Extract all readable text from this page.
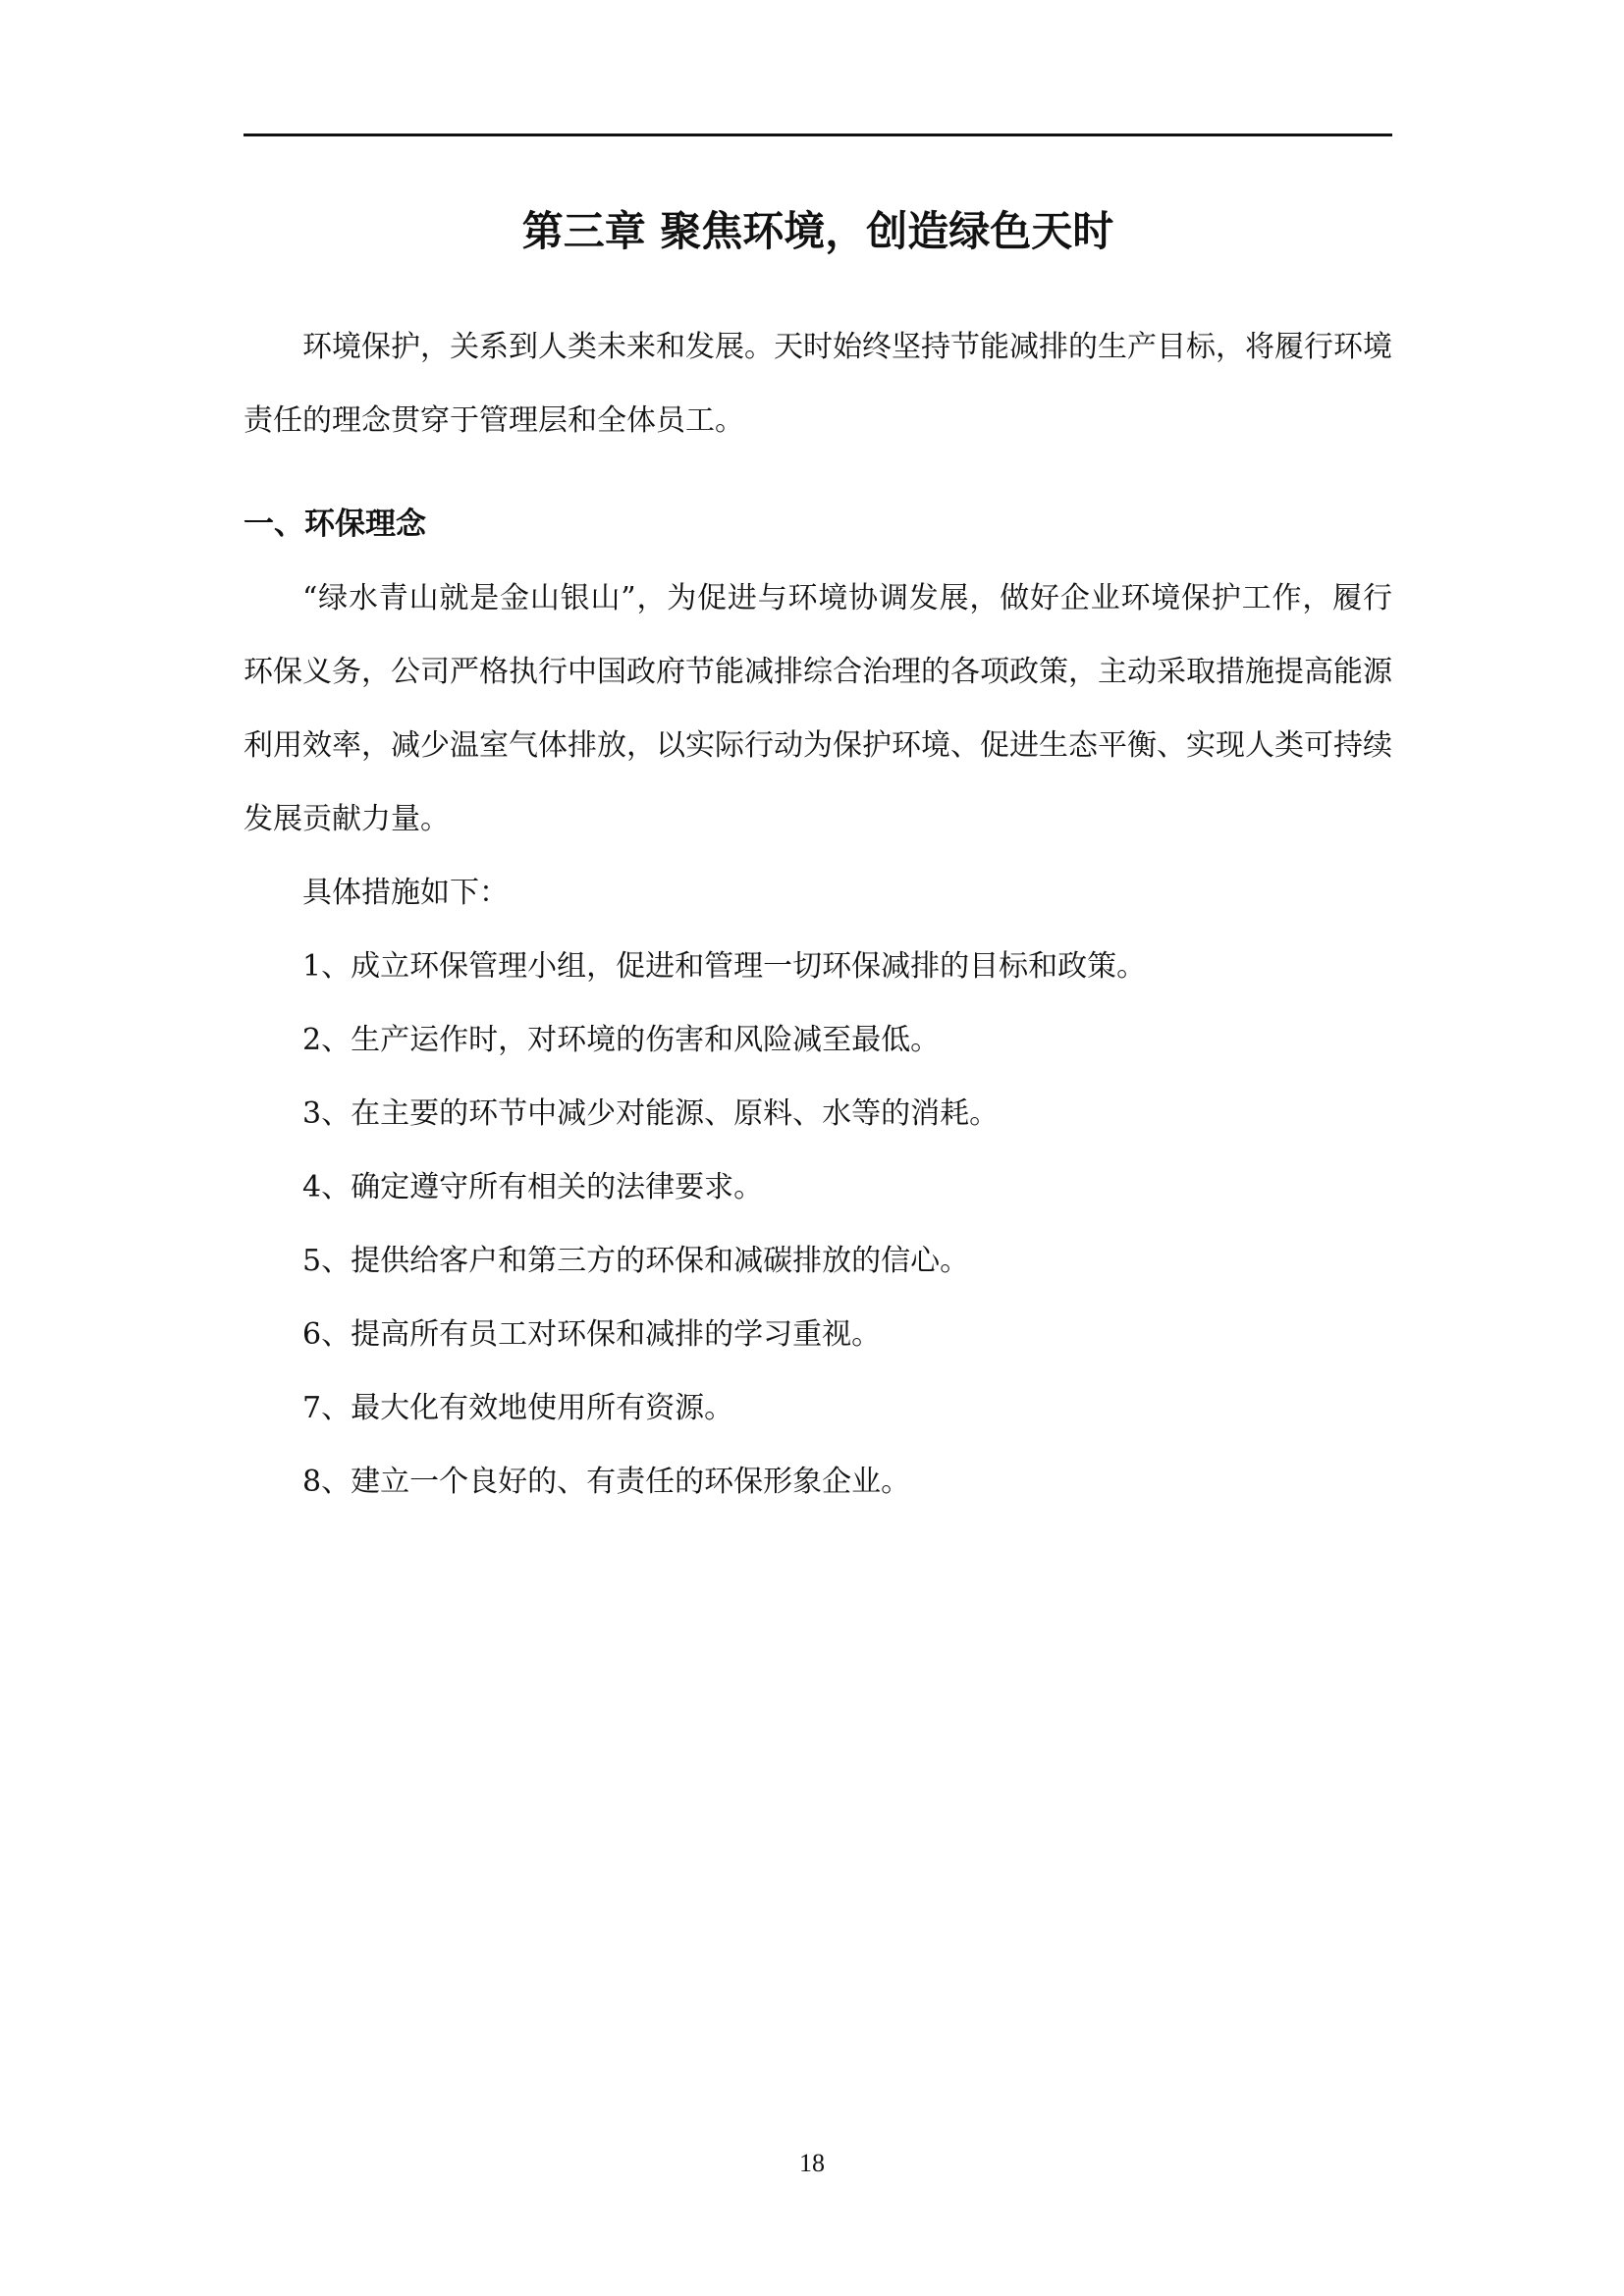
第三章 聚焦环境，创造绿色天时

环境保护，关系到人类未来和发展。天时始终坚持节能减排的生产目标，将履行环境责任的理念贯穿于管理层和全体员工。

一、环保理念

“绿水青山就是金山银山”，为促进与环境协调发展，做好企业环境保护工作，履行环保义务，公司严格执行中国政府节能减排综合治理的各项政策，主动采取措施提高能源利用效率，减少温室气体排放，以实际行动为保护环境、促进生态平衡、实现人类可持续发展贡献力量。

具体措施如下：

1、成立环保管理小组，促进和管理一切环保减排的目标和政策。
2、生产运作时，对环境的伤害和风险减至最低。
3、在主要的环节中减少对能源、原料、水等的消耗。
4、确定遵守所有相关的法律要求。
5、提供给客户和第三方的环保和减碳排放的信心。
6、提高所有员工对环保和减排的学习重视。
7、最大化有效地使用所有资源。
8、建立一个良好的、有责任的环保形象企业。
18
